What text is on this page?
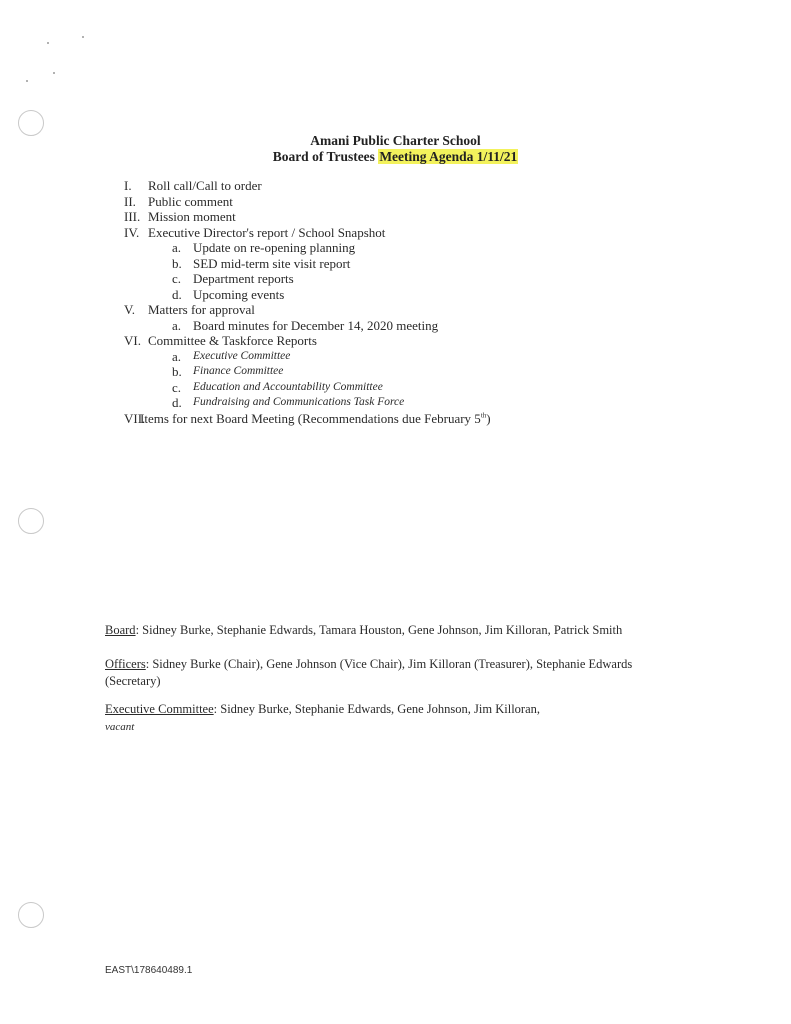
Amani Public Charter School
Board of Trustees Meeting Agenda 1/11/21
I. Roll call/Call to order
II. Public comment
III. Mission moment
IV. Executive Director's report / School Snapshot
a. Update on re-opening planning
b. SED mid-term site visit report
c. Department reports
d. Upcoming events
V. Matters for approval
a. Board minutes for December 14, 2020 meeting
VI. Committee & Taskforce Reports
a. Executive Committee
b. Finance Committee
c. Education and Accountability Committee
d. Fundraising and Communications Task Force
VII.
Items for next Board Meeting (Recommendations due February 5th)
Board: Sidney Burke, Stephanie Edwards, Tamara Houston, Gene Johnson, Jim Killoran, Patrick Smith
Officers: Sidney Burke (Chair), Gene Johnson (Vice Chair), Jim Killoran (Treasurer), Stephanie Edwards (Secretary)
Executive Committee: Sidney Burke, Stephanie Edwards, Gene Johnson, Jim Killoran,
vacant
EAST\178640489.1
